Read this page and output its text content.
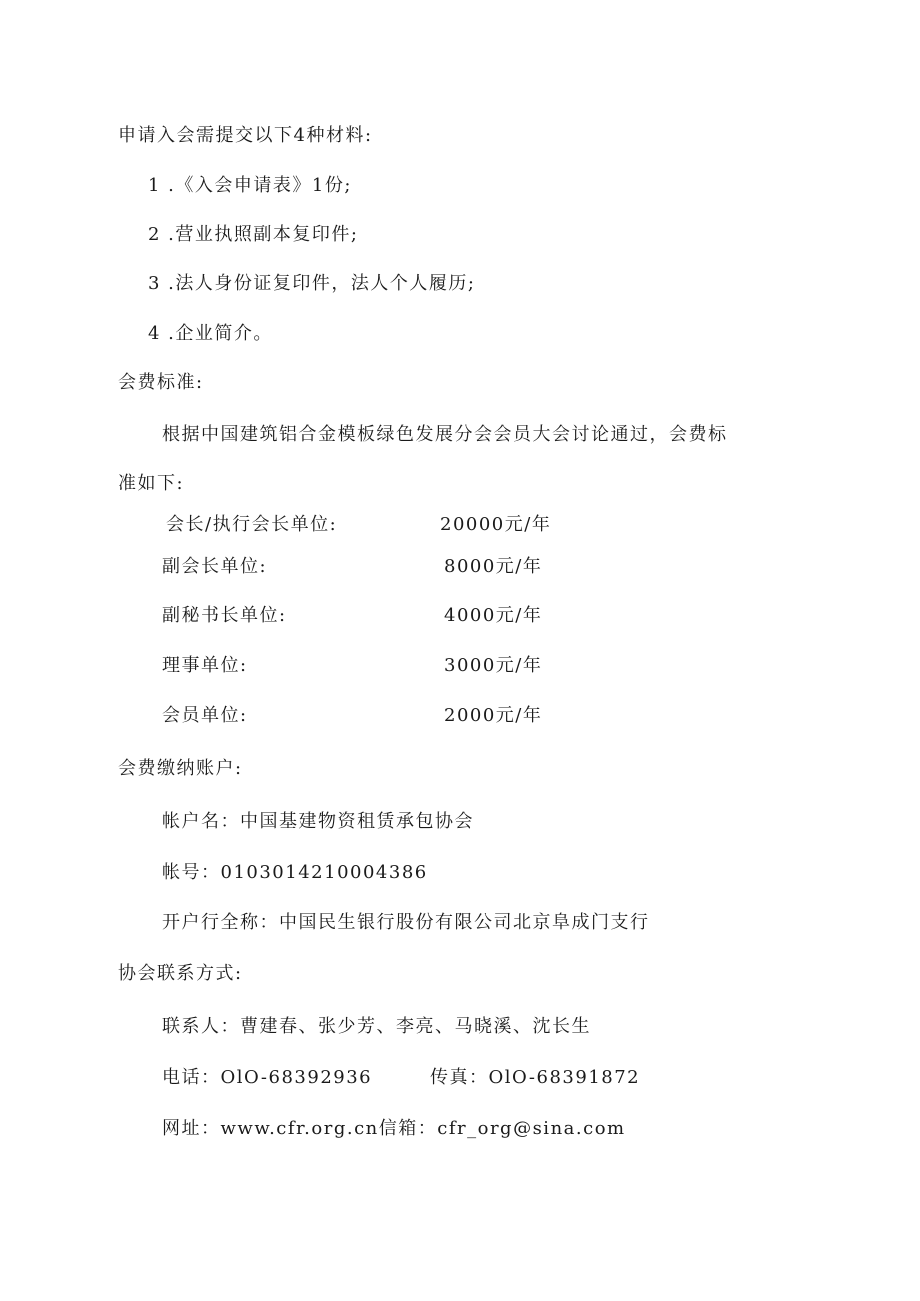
申请入会需提交以下4种材料:
1 .《入会申请表》1份;
2 .营业执照副本复印件;
3 .法人身份证复印件，法人个人履历;
4 .企业简介。
会费标准:
根据中国建筑铝合金模板绿色发展分会会员大会讨论通过，会费标
准如下:
会长/执行会长单位:	20000元/年
副会长单位:	8000元/年
副秘书长单位:	4000元/年
理事单位:	3000元/年
会员单位:	2000元/年
会费缴纳账户:
帐户名：中国基建物资租赁承包协会
帐号：0103014210004386
开户行全称：中国民生银行股份有限公司北京阜成门支行
协会联系方式:
联系人：曹建春、张少芳、李亮、马晓溪、沈长生
电话：OlO-68392936	传真：OlO-68391872
网址：www.cfr.org.cn信箱：cfr_org@sina.com
